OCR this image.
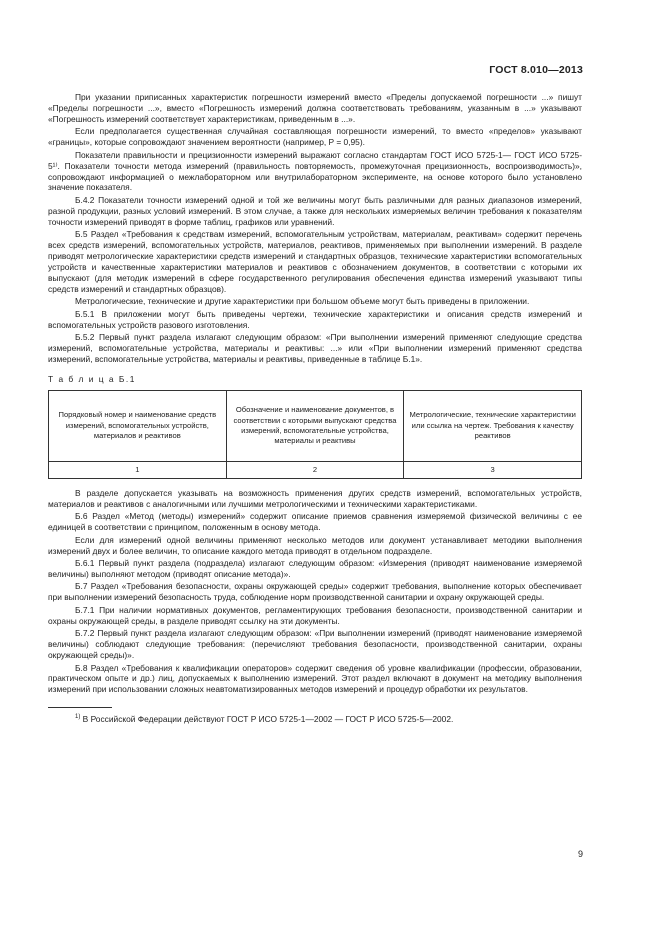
ГОСТ 8.010—2013

При указании приписанных характеристик погрешности измерений вместо «Пределы допускаемой погрешности ...» пишут «Пределы погрешности ...», вместо «Погрешность измерений должна соответствовать требованиям, указанным в ...» указывают «Погрешность измерений соответствует характеристикам, приведенным в ...».

Если предполагается существенная случайная составляющая погрешности измерений, то вместо «пределов» указывают «границы», которые сопровождают значением вероятности (например, P = 0,95).

Показатели правильности и прецизионности измерений выражают согласно стандартам ГОСТ ИСО 5725-1— ГОСТ ИСО 5725-5¹⁾. Показатели точности метода измерений (правильность повторяемость, промежуточная прецизионность, воспроизводимость)», сопровождают информацией о межлабораторном или внутрилабораторном эксперименте, на основе которого было установлено значение показателя.

Б.4.2 Показатели точности измерений одной и той же величины могут быть различными для разных диапазонов измерений, разной продукции, разных условий измерений. В этом случае, а также для нескольких измеряемых величин требования к показателям точности измерений приводят в форме таблиц, графиков или уравнений.

Б.5 Раздел «Требования к средствам измерений, вспомогательным устройствам, материалам, реактивам» содержит перечень всех средств измерений, вспомогательных устройств, материалов, реактивов, применяемых при выполнении измерений. В разделе приводят метрологические характеристики средств измерений и стандартных образцов, технические характеристики вспомогательных устройств и качественные характеристики материалов и реактивов с обозначением документов, в соответствии с которыми их выпускают (для методик измерений в сфере государственного регулирования обеспечения единства измерений указывают типы средств измерений и стандартных образцов).

Метрологические, технические и другие характеристики при большом объеме могут быть приведены в приложении.

Б.5.1 В приложении могут быть приведены чертежи, технические характеристики и описания средств измерений и вспомогательных устройств разового изготовления.

Б.5.2 Первый пункт раздела излагают следующим образом: «При выполнении измерений применяют следующие средства измерений, вспомогательные устройства, материалы и реактивы: ...» или «При выполнении измерений применяют средства измерений, вспомогательные устройства, материалы и реактивы, приведенные в таблице Б.1».

Т а б л и ц а Б.1
Порядковый номер и наименование средств измерений, вспомогательных устройств, материалов и реактивов	Обозначение и наименование документов, в соответствии с которыми выпускают средства измерений, вспомогательные устройства, материалы и реактивы	Метрологические, технические характеристики или ссылка на чертеж. Требования к качеству реактивов
1	2	3

В разделе допускается указывать на возможность применения других средств измерений, вспомогательных устройств, материалов и реактивов с аналогичными или лучшими метрологическими и техническими характеристиками.

Б.6 Раздел «Метод (методы) измерений» содержит описание приемов сравнения измеряемой физической величины с ее единицей в соответствии с принципом, положенным в основу метода.

Если для измерений одной величины применяют несколько методов или документ устанавливает методики выполнения измерений двух и более величин, то описание каждого метода приводят в отдельном подразделе.

Б.6.1 Первый пункт раздела (подраздела) излагают следующим образом: «Измерения (приводят наименование измеряемой величины) выполняют методом (приводят описание метода)».

Б.7 Раздел «Требования безопасности, охраны окружающей среды» содержит требования, выполнение которых обеспечивает при выполнении измерений безопасность труда, соблюдение норм производственной санитарии и охрану окружающей среды.

Б.7.1 При наличии нормативных документов, регламентирующих требования безопасности, производственной санитарии и охраны окружающей среды, в разделе приводят ссылку на эти документы.

Б.7.2 Первый пункт раздела излагают следующим образом: «При выполнении измерений (приводят наименование измеряемой величины) соблюдают следующие требования: (перечисляют требования безопасности, производственной санитарии, охраны окружающей среды)».

Б.8 Раздел «Требования к квалификации операторов» содержит сведения об уровне квалификации (профессии, образовании, практическом опыте и др.) лиц, допускаемых к выполнению измерений. Этот раздел включают в документ на методику выполнения измерений при использовании сложных неавтоматизированных методов измерений и процедур обработки их результатов.

$^{1)}$ В Российской Федерации действуют ГОСТ Р ИСО 5725-1—2002 — ГОСТ Р ИСО 5725-5—2002.
9
